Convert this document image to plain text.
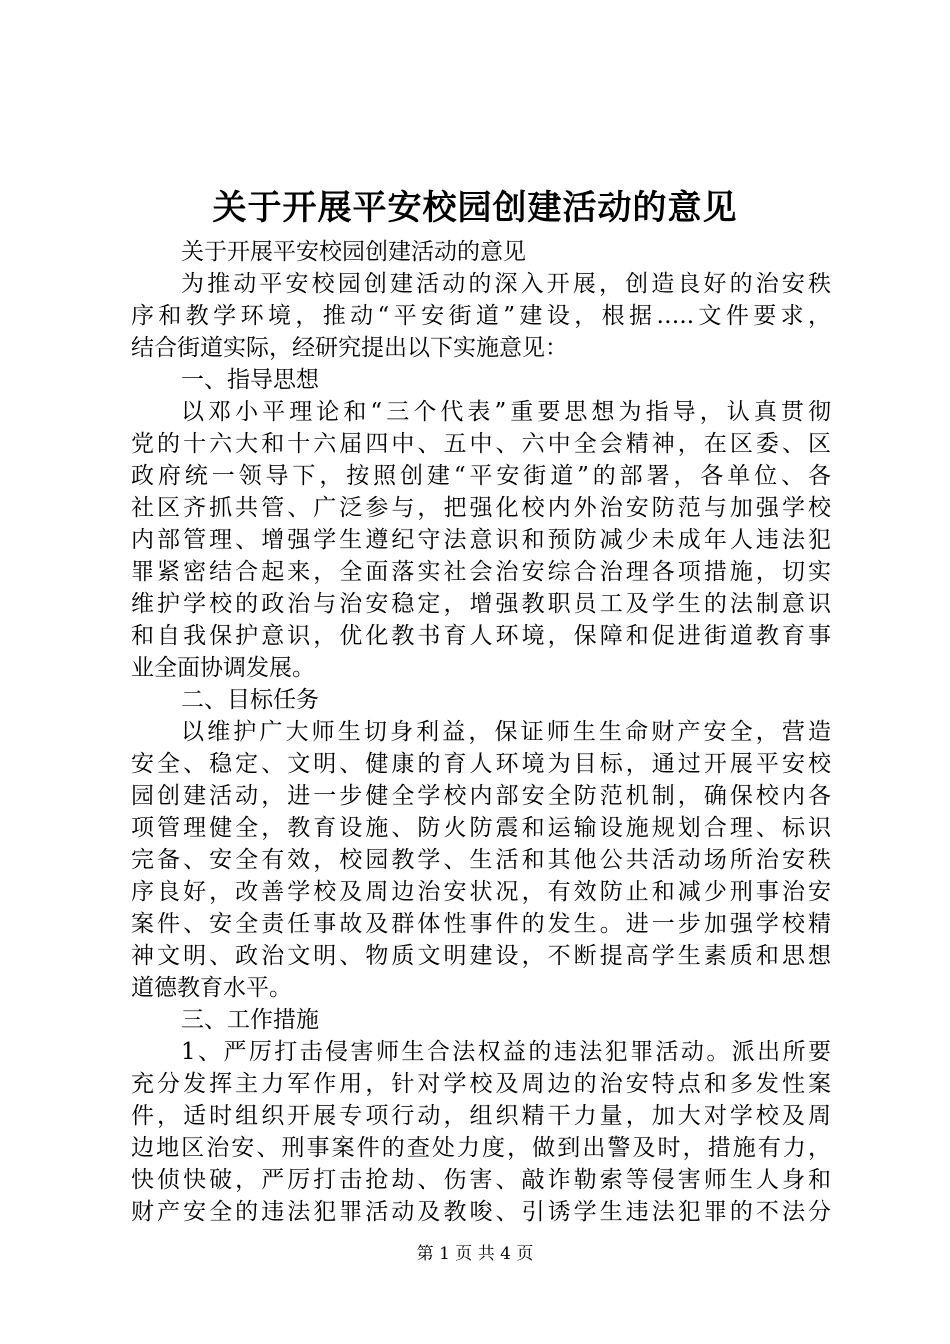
关于开展平安校园创建活动的意见
关于开展平安校园创建活动的意见
为推动平安校园创建活动的深入开展，创造良好的治安秩
序和教学环境，推动“平安街道”建设，根据…..文件要求，
结合街道实际，经研究提出以下实施意见：
一、指导思想
以邓小平理论和“三个代表”重要思想为指导，认真贯彻
党的十六大和十六届四中、五中、六中全会精神，在区委、区
政府统一领导下，按照创建“平安街道”的部署，各单位、各
社区齐抓共管、广泛参与，把强化校内外治安防范与加强学校
内部管理、增强学生遵纪守法意识和预防减少未成年人违法犯
罪紧密结合起来，全面落实社会治安综合治理各项措施，切实
维护学校的政治与治安稳定，增强教职员工及学生的法制意识
和自我保护意识，优化教书育人环境，保障和促进街道教育事
业全面协调发展。
二、目标任务
以维护广大师生切身利益，保证师生生命财产安全，营造
安全、稳定、文明、健康的育人环境为目标，通过开展平安校
园创建活动，进一步健全学校内部安全防范机制，确保校内各
项管理健全，教育设施、防火防震和运输设施规划合理、标识
完备、安全有效，校园教学、生活和其他公共活动场所治安秩
序良好，改善学校及周边治安状况，有效防止和减少刑事治安
案件、安全责任事故及群体性事件的发生。进一步加强学校精
神文明、政治文明、物质文明建设，不断提高学生素质和思想
道德教育水平。
三、工作措施
1、严厉打击侵害师生合法权益的违法犯罪活动。派出所要
充分发挥主力军作用，针对学校及周边的治安特点和多发性案
件，适时组织开展专项行动，组织精干力量，加大对学校及周
边地区治安、刑事案件的查处力度，做到出警及时，措施有力，
快侦快破，严厉打击抢劫、伤害、敲诈勒索等侵害师生人身和
财产安全的违法犯罪活动及教唆、引诱学生违法犯罪的不法分
第 1 页 共 4 页
